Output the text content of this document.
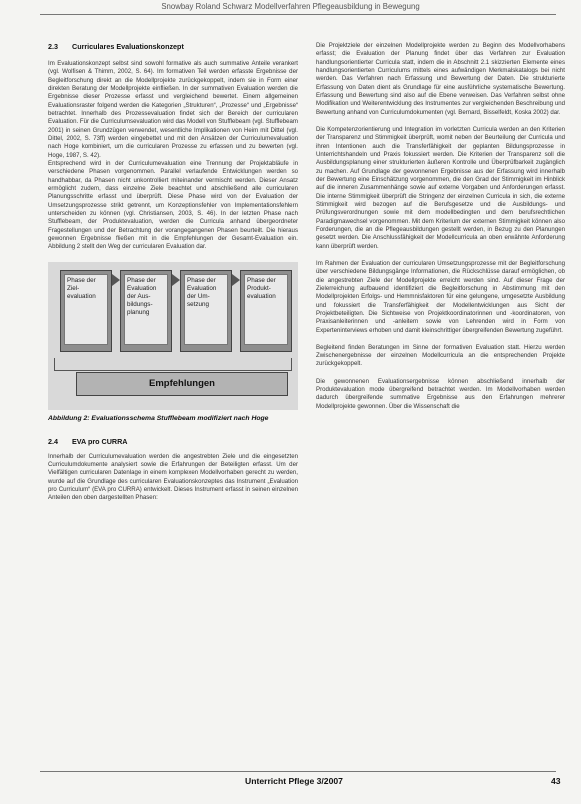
Snowbay Roland Schwarz Modellverfahren Pflegeausbildung in Bewegung
2.3 Curriculares Evaluationskonzept

Im Evaluationskonzept selbst sind sowohl formative als auch summative Anteile verankert (vgl. Wolfisen & Thimm, 2002, S. 64). Im formativen Teil werden erfasste Ergebnisse der Begleitforschung direkt an die Modellprojekte zurückgekoppelt, indem sie in Form einer direkten Beratung der Modellprojekte einfließen. In der summativen Evaluation werden die Ergebnisse dieser Prozesse erfasst und vergleichend bewertet. Einem allgemeinen Evaluationsraster folgend werden die Kategorien „Strukturen“, „Prozesse“ und „Ergebnisse“ betrachtet. Innerhalb des Prozessevaluation findet sich der Bereich der curricularen Evaluation. Für die Curriculumsevaluation wird das Modell von Stufflebeam (vgl. Stufflebeam 2001) in seinen Grundzügen verwendet, wesentliche Implikationen von Heim mit Dittel (vgl. Dittel, 2002, S. 73ff) werden eingebettet und mit den Ansätzen der Curriculumevaluation nach Hoge kombiniert, um die curricularen Prozesse zu erfassen und zu bewerten (vgl. Hoge, 1987, S. 42).

Entsprechend wird in der Curriculumevaluation eine Trennung der Projektabläufe in verschiedene Phasen vorgenommen. Parallel verlaufende Entwicklungen werden so handhabbar, da Phasen nicht unkontrolliert miteinander vermischt werden. Dieser Ansatz ermöglicht zudem, dass einzelne Ziele beachtet und abschließend alle curricularen Planungsschritte erfasst und überprüft. Diese Phase wird von der Evaluation der Umsetzungsprozesse strikt getrennt, um Konzeptionsfehler von Implementationsfehlern unterscheiden zu können (vgl. Christiansen, 2003, S. 46). In der letzten Phase nach Stufflebeam, der Produktevaluation, werden die Curricula anhand übergeordneter Fragestellungen und der Betrachtung der vorangegangenen Phasen beurteilt. Die hieraus gewonnen Ergebnisse fließen mit in die Empfehlungen der Gesamt-Evaluation ein. Abbildung 2 stellt den Weg der curricularen Evaluation dar.

Phase der Ziel-evaluation
Phase der Evaluation der Aus-bildungs-planung
Phase der Evaluation der Um-setzung
Phase der Produkt-evaluation
Empfehlungen

Abbildung 2: Evaluationsschema Stufflebeam modifiziert nach Hoge

2.4 EVA pro CURRA

Innerhalb der Curriculumevaluation werden die angestrebten Ziele und die eingesetzten Curriculumdokumente analysiert sowie die Erfahrungen der Beteiligten erfasst. Um der Vielfältigen curricularen Datenlage in einem komplexen Modellvorhaben gerecht zu werden, wurde auf die Grundlage des curricularen Evaluationskonzeptes das Instrument „Evaluation pro Curriculum“ (EVA pro CURRA) entwickelt. Dieses Instrument erfasst in seinen einzelnen Anteilen den oben dargestellten Phasen:

Die Projektziele der einzelnen Modellprojekte werden zu Beginn des Modellvorhabens erfasst; die Evaluation der Planung findet über das Verfahren zur Evaluation handlungsorientierter Curricula statt, indem die in Abschnitt 2.1 skizzierten Elemente eines handlungsorientierten Curriculums mittels eines aufwändigen Merkmalskatalogs bei nicht werden. Das Verfahren nach Erfassung und Bewertung der Daten. Die strukturierte Erfassung von Daten dient als Grundlage für eine ausführliche systematische Bewertung. Erfassung und Bewertung sind also auf die Ebene verweisen. Das Verfahren selbst ohne Modifikation und Weiterentwicklung des Instrumentes zur vergleichenden Beschreibung und Bewertung anhand von Curriculumdokumenten (vgl. Bernard, Bisselfeldt, Koska 2002) dar.

Die Kompetenzorientierung und Integration im vorletzten Curricula werden an den Kriterien der Transparenz und Stimmigkeit überprüft, womit neben der Beurteilung der Curricula und ihren Intentionen auch die Transferfähigkeit der geplanten Bildungsprozesse in Unterrichtshandeln und Praxis fokussiert werden. Die Kriterien der Transparenz soll die Ausbildungsplanung einer strukturierten äußeren Kontrolle und Überprüfbarkeit zugänglich zu machen. Auf Grundlage der gewonnenen Ergebnisse aus der Erfassung wird innerhalb der Bewertung eine Einschätzung vorgenommen, die den Grad der Stimmigkeit im Hinblick auf die inneren Zusammenhänge sowie auf externe Vorgaben und Anforderungen erfasst. Die interne Stimmigkeit überprüft die Stringenz der einzelnen Curricula in sich, die externe Stimmigkeit wird bezogen auf die Berufsgesetze und die Ausbildungs- und Prüfungsverordnungen sowie mit dem modellbedingten und dem berufsrechtlichen Paradigmawechsel vorgenommen. Mit dem Kriterium der externen Stimmigkeit können also Forderungen, die an die Pflegeausbildungen gestellt werden, in Bezug zu den Planungen gesetzt werden. Die Anschlussfähigkeit der Modellcurricula an oben erwähnte Anforderung kann überprüft werden.

Im Rahmen der Evaluation der curricularen Umsetzungsprozesse mit der Begleitforschung über verschiedene Bildungsgänge Informationen, die Rückschlüsse darauf ermöglichen, ob die angestrebten Ziele der Modellprojekte erreicht werden sind. Auf dieser Frage der Zielerreichung aufbauend identifiziert die Begleitforschung in Abstimmung mit den Modellprojekten Erfolgs- und Hemmnisfaktoren für eine gelungene, umgesetzte Ausbildung und fokussiert die Transferfähigkeit der Modellentwicklungen aus Sicht der Projektbeteiligten. Die Sichtweise von Projektkoordinatorinnen und -koordinatoren, von Praxisanleiterinnen und -anleitern sowie von Lehrenden wird in Form von Experteninterviews erhoben und damit kleinschrittiger übergreifenden Bewertung zugeführt.

Begleitend finden Beratungen im Sinne der formativen Evaluation statt. Hierzu werden Zwischenergebnisse der einzelnen Modellcurricula an die entsprechenden Projekte zurückgekoppelt.

Die gewonnenen Evaluationsergebnisse können abschließend innerhalb der Produktevaluation mode übergreifend betrachtet werden. Im Modellvorhaben werden dadurch übergreifende summative Ergebnisse aus den Erfahrungen mehrerer Modellprojekte gewonnen. Über die Wissenschaft die

Unterricht Pflege 3/2007	43
